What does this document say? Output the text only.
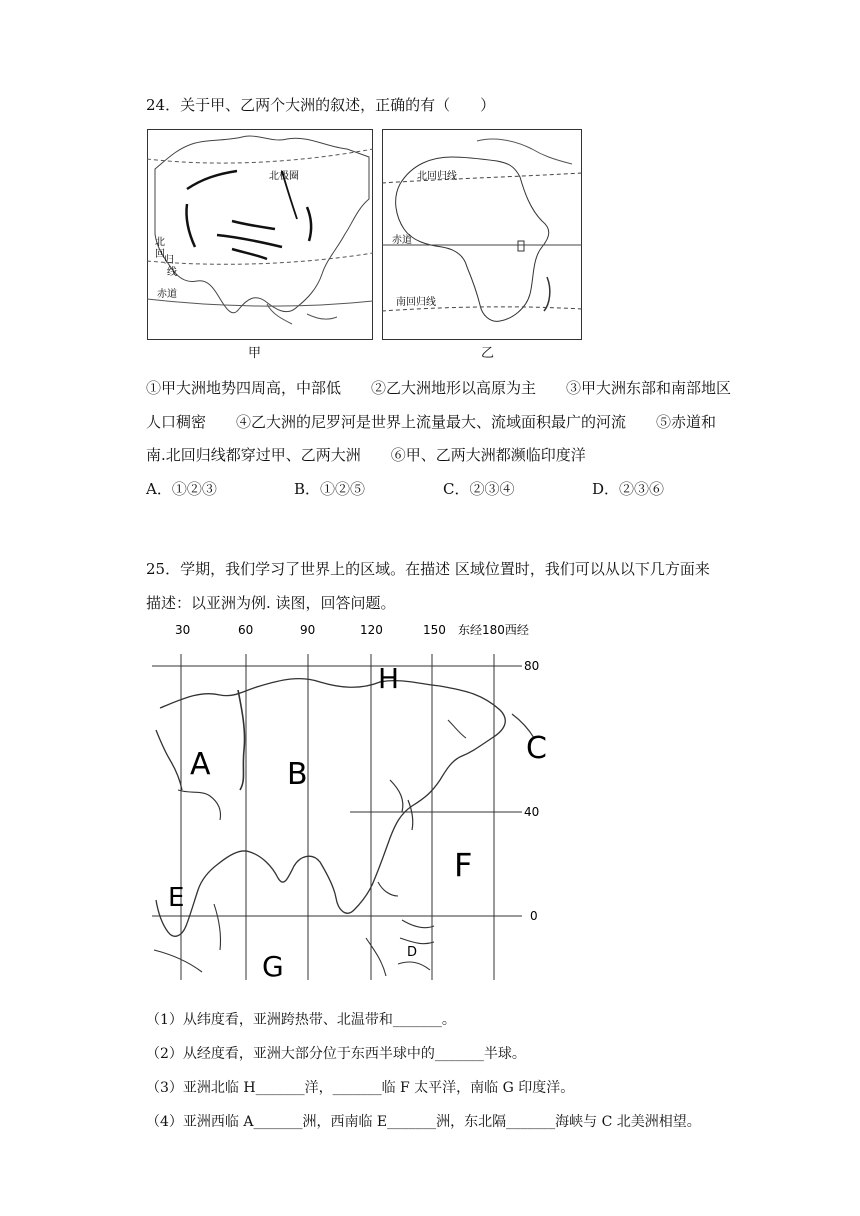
24．关于甲、乙两个大洲的叙述，正确的有（　　）
北极圈
北
回
归
线
赤道
甲
北回归线
赤道
南回归线
乙
①甲大洲地势四周高，中部低　　②乙大洲地形以高原为主　　③甲大洲东部和南部地区
人口稠密　　④乙大洲的尼罗河是世界上流量最大、流域面积最广的河流　　⑤赤道和
南.北回归线都穿过甲、乙两大洲　　⑥甲、乙两大洲都濒临印度洋
A．①②③	B．①②⑤	C．②③④	D．②③⑥
25．学期，我们学习了世界上的区域。在描述 区域位置时，我们可以从以下几方面来
描述：以亚洲为例. 读图，回答问题。
30	60	90	120	150 东经180西经
80
40
0
A	B
C
D
E
F
G
H
（1）从纬度看，亚洲跨热带、北温带和_______。
（2）从经度看，亚洲大部分位于东西半球中的_______半球。
（3）亚洲北临 H_______洋，_______临 F 太平洋，南临 G 印度洋。
（4）亚洲西临 A_______洲，西南临 E_______洲，东北隔_______海峡与 C 北美洲相望。
